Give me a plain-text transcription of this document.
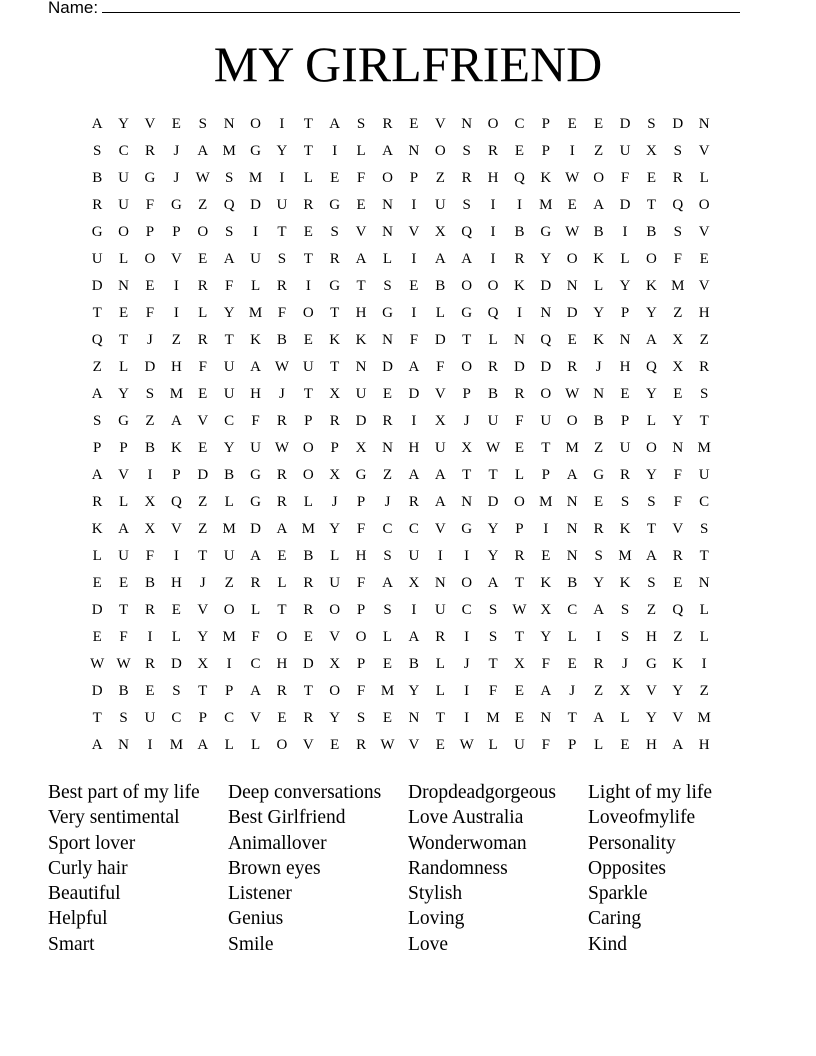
Name:
MY GIRLFRIEND
A	Y	V	E	S	N	O	I	T	A	S	R	E	V	N	O	C	P	E	E	D	S	D	N
S	C	R	J	A M G	Y	T	I	L	A	N	O	S	R	E	P	I	Z	U	X	S	V
B	U	G	J	W	S	M	I	L	E	F	O	P	Z	R	H	Q	K W O	F	E	R	L
R	U	F	G	Z	Q	D	U	R	G	E	N	I	U	S	I	I	M	E	A	D	T	Q	O
G	O	P	P	O	S	I	T	E	S	V	N	V	X	Q	I	B	G W B	I	B	S	V
U	L	O	V	E	A	U	S	T	R	A	L	I	A	A	I	R	Y	O	K	L	O	F	E
D	N	E	I	R	F	L	R	I	G	T	S	E	B	O	O	K	D	N	L	Y	K M V
T	E	F	I	L	Y M	F	O	T	H	G	I	L	G	Q	I	N	D	Y	P	Y	Z	H
Q	T	J	Z	R	T	K	B	E	K	K	N	F	D	T	L	N	Q	E	K	N	A	X	Z
Z	L	D	H	F	U	A W U	T	N	D	A	F	O	R	D	D	R	J	H	Q	X	R
A	Y	S	M	E	U	H	J	T	X	U	E	D	V	P	B	R	O W N	E	Y	E	S
S	G	Z	A	V	C	F	R	P	R	D	R	I	X	J	U	F	U	O	B	P	L	Y	T
P	P	B	K	E	Y	U W O	P	X	N	H	U	X W E	T	M	Z	U	O	N M
A	V	I	P	D	B	G	R	O	X	G	Z	A	A	T	T	L	P	A	G	R	Y	F	U
R	L	X	Q	Z	L	G	R	L	J	P	J	R	A	N	D	O M N	E	S	S	F	C
K	A	X	V	Z	M D	A M Y	F	C	C	V	G	Y	P	I	N	R	K	T	V	S
L	U	F	I	T	U	A	E	B	L	H	S	U	I	I	Y	R	E	N	S	M A	R	T
E	E	B	H	J	Z	R	L	R	U	F	A	X	N	O	A	T	K	B	Y	K	S	E	N
D	T	R	E	V	O	L	T	R	O	P	S	I	U	C	S	W X	C	A	S	Z	Q	L
E	F	I	L	Y M	F	O	E	V	O	L	A	R	I	S	T	Y	L	I	S	H	Z	L
W W R	D	X	I	C	H	D	X	P	E	B	L	J	T	X	F	E	R	J	G	K	I
D	B	E	S	T	P	A	R	T	O	F	M Y	L	I	F	E	A	J	Z	X	V	Y	Z
T	S	U	C	P	C	V	E	R	Y	S	E	N	T	I	M	E	N	T	A	L	Y	V M
A	N	I	M A	L	L	O	V	E	R W V	E W L	U	F	P	L	E	H	A	H
Best part of my life
Very sentimental
Sport lover
Curly hair
Beautiful
Helpful
Smart
Deep conversations
Best Girlfriend
Animallover
Brown eyes
Listener
Genius
Smile
Dropdeadgorgeous
Love Australia
Wonderwoman
Randomness
Stylish
Loving
Love
Light of my life
Loveofmylife
Personality
Opposites
Sparkle
Caring
Kind
